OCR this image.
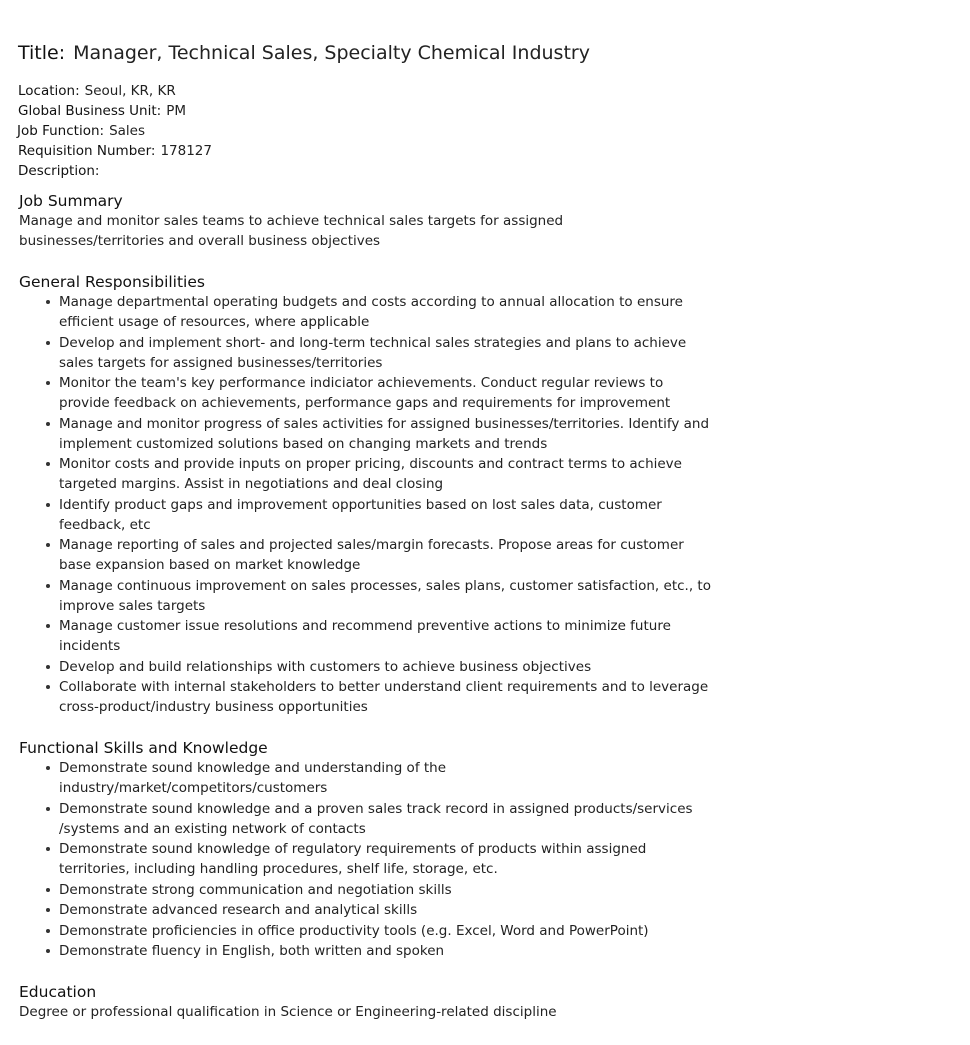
Title: Manager, Technical Sales, Specialty Chemical Industry
Location: Seoul, KR, KR
Global Business Unit: PM
Job Function: Sales
Requisition Number: 178127
Description:
Job Summary

Manage and monitor sales teams to achieve technical sales targets for assigned businesses/territories and overall business objectives

General Responsibilities
Manage departmental operating budgets and costs according to annual allocation to ensure efficient usage of resources, where applicable
Develop and implement short- and long-term technical sales strategies and plans to achieve sales targets for assigned businesses/territories
Monitor the team's key performance indiciator achievements. Conduct regular reviews to provide feedback on achievements, performance gaps and requirements for improvement
Manage and monitor progress of sales activities for assigned businesses/territories. Identify and implement customized solutions based on changing markets and trends
Monitor costs and provide inputs on proper pricing, discounts and contract terms to achieve targeted margins. Assist in negotiations and deal closing
Identify product gaps and improvement opportunities based on lost sales data, customer feedback, etc
Manage reporting of sales and projected sales/margin forecasts. Propose areas for customer base expansion based on market knowledge
Manage continuous improvement on sales processes, sales plans, customer satisfaction, etc., to improve sales targets
Manage customer issue resolutions and recommend preventive actions to minimize future incidents
Develop and build relationships with customers to achieve business objectives
Collaborate with internal stakeholders to better understand client requirements and to leverage cross-product/industry business opportunities
Functional Skills and Knowledge
Demonstrate sound knowledge and understanding of the industry/market/competitors/customers
Demonstrate sound knowledge and a proven sales track record in assigned products/services /systems and an existing network of contacts
Demonstrate sound knowledge of regulatory requirements of products within assigned territories, including handling procedures, shelf life, storage, etc.
Demonstrate strong communication and negotiation skills
Demonstrate advanced research and analytical skills
Demonstrate proficiencies in office productivity tools (e.g. Excel, Word and PowerPoint)
Demonstrate fluency in English, both written and spoken
Education

Degree or professional qualification in Science or Engineering-related discipline
